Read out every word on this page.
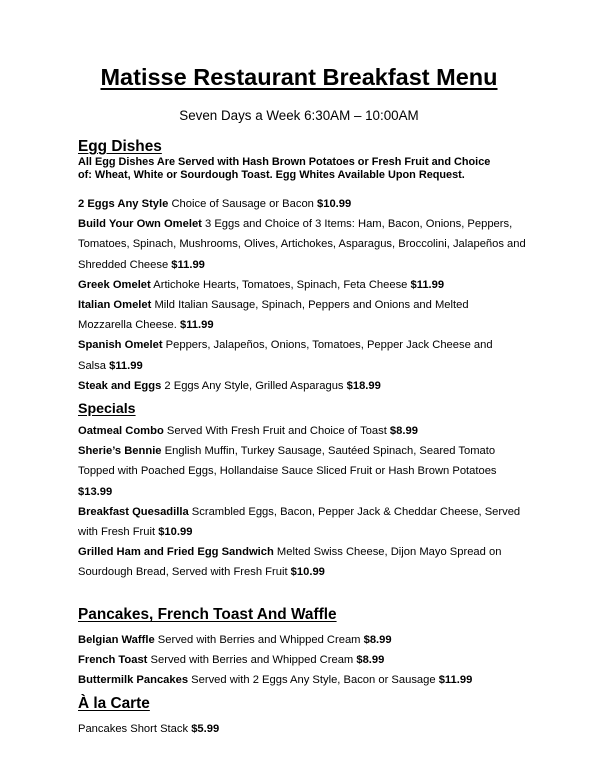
Matisse Restaurant Breakfast Menu
Seven Days a Week 6:30AM – 10:00AM
Egg Dishes
All Egg Dishes Are Served with Hash Brown Potatoes or Fresh Fruit and Choice
of: Wheat, White or Sourdough Toast. Egg Whites Available Upon Request.
2 Eggs Any Style Choice of Sausage or Bacon $10.99
Build Your Own Omelet 3 Eggs and Choice of 3 Items: Ham, Bacon, Onions, Peppers,
Tomatoes, Spinach, Mushrooms, Olives, Artichokes, Asparagus, Broccolini, Jalapeños and
Shredded Cheese $11.99
Greek Omelet Artichoke Hearts, Tomatoes, Spinach, Feta Cheese $11.99
Italian Omelet Mild Italian Sausage, Spinach, Peppers and Onions and Melted
Mozzarella Cheese. $11.99
Spanish Omelet Peppers, Jalapeños, Onions, Tomatoes, Pepper Jack Cheese and
Salsa $11.99
Steak and Eggs 2 Eggs Any Style, Grilled Asparagus $18.99
Specials
Oatmeal Combo Served With Fresh Fruit and Choice of Toast $8.99
Sherie’s Bennie English Muffin, Turkey Sausage, Sautéed Spinach, Seared Tomato
Topped with Poached Eggs, Hollandaise Sauce Sliced Fruit or Hash Brown Potatoes
$13.99
Breakfast Quesadilla Scrambled Eggs, Bacon, Pepper Jack & Cheddar Cheese, Served
with Fresh Fruit $10.99
Grilled Ham and Fried Egg Sandwich Melted Swiss Cheese, Dijon Mayo Spread on
Sourdough Bread, Served with Fresh Fruit $10.99
Pancakes, French Toast And Waffle
Belgian Waffle Served with Berries and Whipped Cream $8.99
French Toast Served with Berries and Whipped Cream $8.99
Buttermilk Pancakes Served with 2 Eggs Any Style, Bacon or Sausage $11.99
À la Carte
Pancakes Short Stack $5.99
